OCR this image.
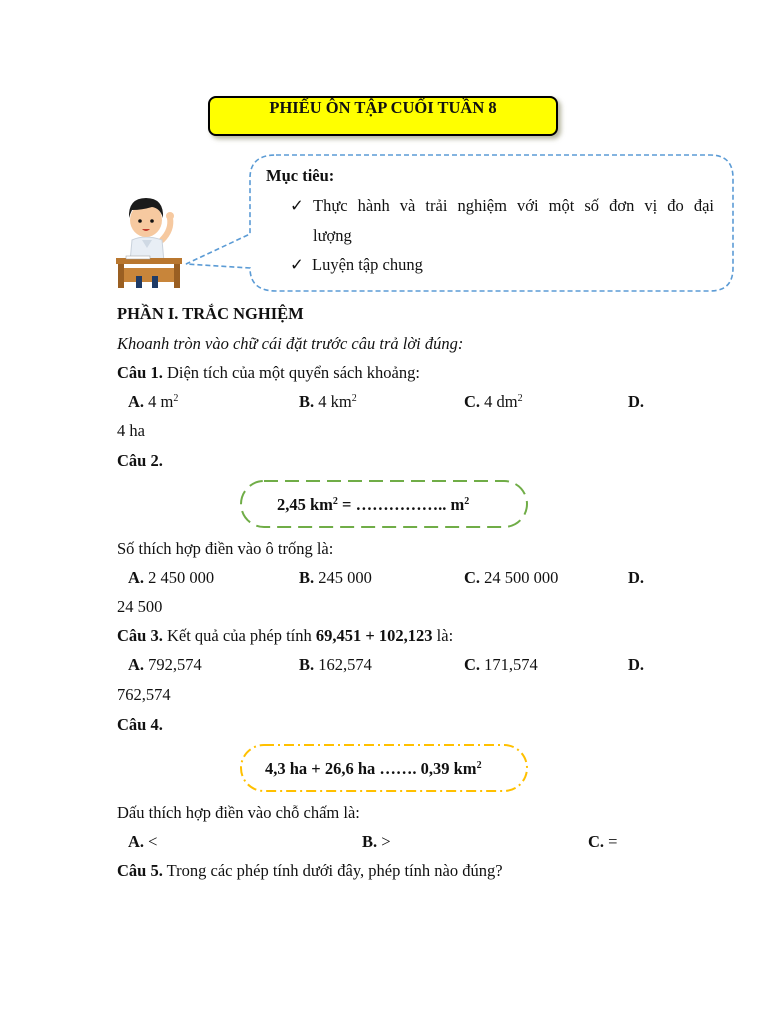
PHIẾU ÔN TẬP CUỐI TUẦN 8
Mục tiêu:
✓ Thực hành và trải nghiệm với một số đơn vị đo đại
lượng
✓ Luyện tập chung
PHẦN I. TRẮC NGHIỆM
Khoanh tròn vào chữ cái đặt trước câu trả lời đúng:
Câu 1. Diện tích của một quyển sách khoảng:
A. 4 $m^2$	B. 4 $km^2$	C. 4 $dm^2$	D.
4 ha
Câu 2.
2,45 $km^2$ = …………….. $m^2$
Số thích hợp điền vào ô trống là:
A. 2 450 000	B. 245 000	C. 24 500 000	D.
24 500
Câu 3. Kết quả của phép tính 69,451 + 102,123 là:
A. 792,574	B. 162,574	C. 171,574	D.
762,574
Câu 4.
4,3 ha + 26,6 ha ……. 0,39 $km^2$
Dấu thích hợp điền vào chỗ chấm là:
A. <	B. >	C. =
Câu 5. Trong các phép tính dưới đây, phép tính nào đúng?
